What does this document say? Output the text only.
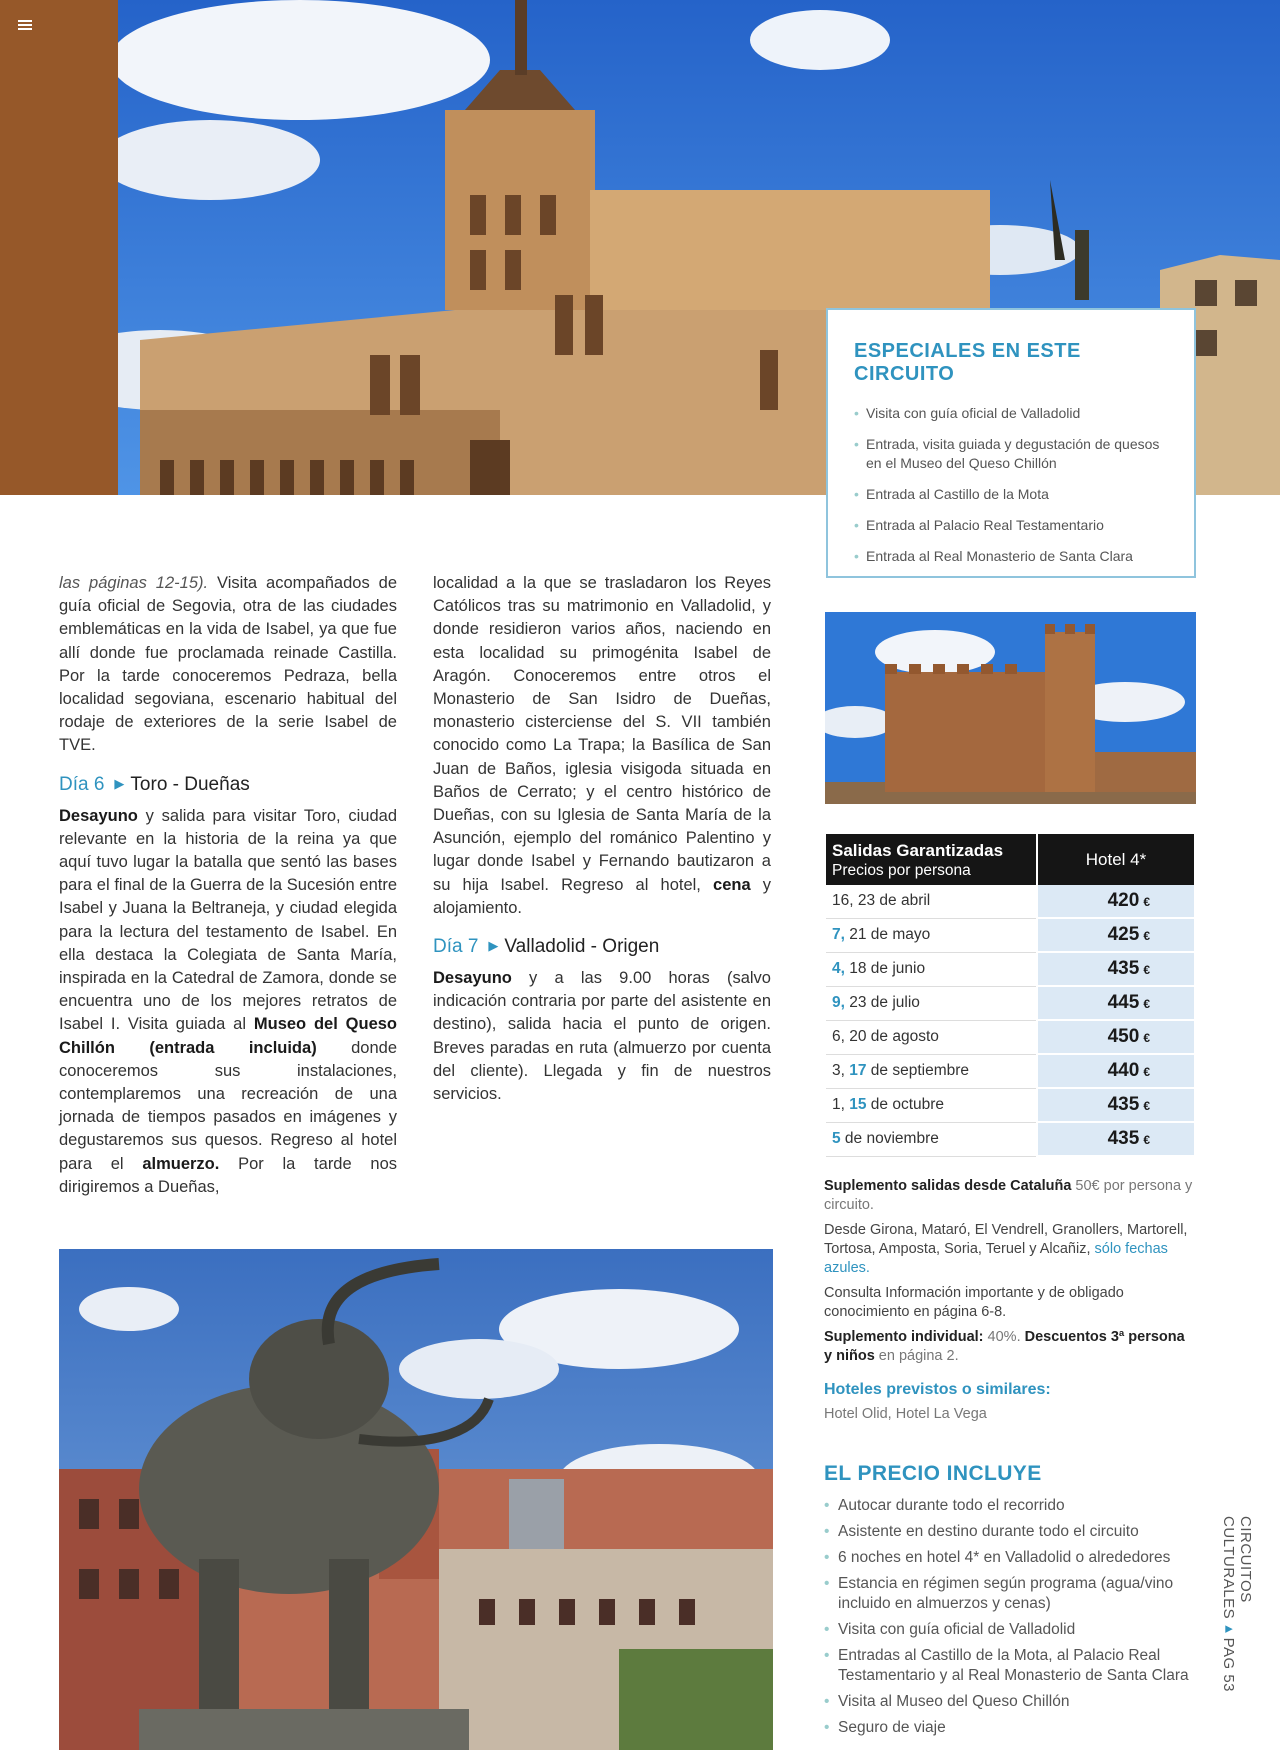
ESPECIALES EN ESTE CIRCUITO
• Visita con guía oficial de Valladolid
• Entrada, visita guiada y degustación de quesos en el Museo del Queso Chillón
• Entrada al Castillo de la Mota
• Entrada al Palacio Real Testamentario
• Entrada al Real Monasterio de Santa Clara

las páginas 12-15). Visita acompañados de guía oficial de Segovia, otra de las ciudades emblemáticas en la vida de Isabel, ya que fue allí donde fue proclamada reinade Castilla. Por la tarde conoceremos Pedraza, bella localidad segoviana, escenario habitual del rodaje de exteriores de la serie Isabel de TVE.

Día 6 ▶ Toro - Dueñas

Desayuno y salida para visitar Toro, ciudad relevante en la historia de la reina ya que aquí tuvo lugar la batalla que sentó las bases para el final de la Guerra de la Sucesión entre Isabel y Juana la Beltraneja, y ciudad elegida para la lectura del testamento de Isabel. En ella destaca la Colegiata de Santa María, inspirada en la Catedral de Zamora, donde se encuentra uno de los mejores retratos de Isabel I. Visita guiada al Museo del Queso Chillón (entrada incluida) donde conoceremos sus instalaciones, contemplaremos una recreación de una jornada de tiempos pasados en imágenes y degustaremos sus quesos. Regreso al hotel para el almuerzo. Por la tarde nos dirigiremos a Dueñas,

localidad a la que se trasladaron los Reyes Católicos tras su matrimonio en Valladolid, y donde residieron varios años, naciendo en esta localidad su primogénita Isabel de Aragón. Conoceremos entre otros el Monasterio de San Isidro de Dueñas, monasterio cisterciense del S. VII también conocido como La Trapa; la Basílica de San Juan de Baños, iglesia visigoda situada en Baños de Cerrato; y el centro histórico de Dueñas, con su Iglesia de Santa María de la Asunción, ejemplo del románico Palentino y lugar donde Isabel y Fernando bautizaron a su hija Isabel. Regreso al hotel, cena y alojamiento.

Día 7 ▶ Valladolid - Origen

Desayuno y a las 9.00 horas (salvo indicación contraria por parte del asistente en destino), salida hacia el punto de origen. Breves paradas en ruta (almuerzo por cuenta del cliente). Llegada y fin de nuestros servicios.

Salidas Garantizadas
Precios por persona	Hotel 4*
16, 23 de abril	420 €
7, 21 de mayo	425 €
4, 18 de junio	435 €
9, 23 de julio	445 €
6, 20 de agosto	450 €
3, 17 de septiembre	440 €
1, 15 de octubre	435 €
5 de noviembre	435 €

Suplemento salidas desde Cataluña 50€ por persona y circuito.

Desde Girona, Mataró, El Vendrell, Granollers, Martorell, Tortosa, Amposta, Soria, Teruel y Alcañiz, sólo fechas azules.

Consulta Información importante y de obligado conocimiento en página 6-8.

Suplemento individual: 40%. Descuentos 3ª persona y niños en página 2.

Hoteles previstos o similares:

Hotel Olid, Hotel La Vega

EL PRECIO INCLUYE
• Autocar durante todo el recorrido
• Asistente en destino durante todo el circuito
• 6 noches en hotel 4* en Valladolid o alrededores
• Estancia en régimen según programa (agua/vino incluido en almuerzos y cenas)
• Visita con guía oficial de Valladolid
• Entradas al Castillo de la Mota, al Palacio Real Testamentario y al Real Monasterio de Santa Clara
• Visita al Museo del Queso Chillón
• Seguro de viaje
CIRCUITOS CULTURALES▸PAG 53
